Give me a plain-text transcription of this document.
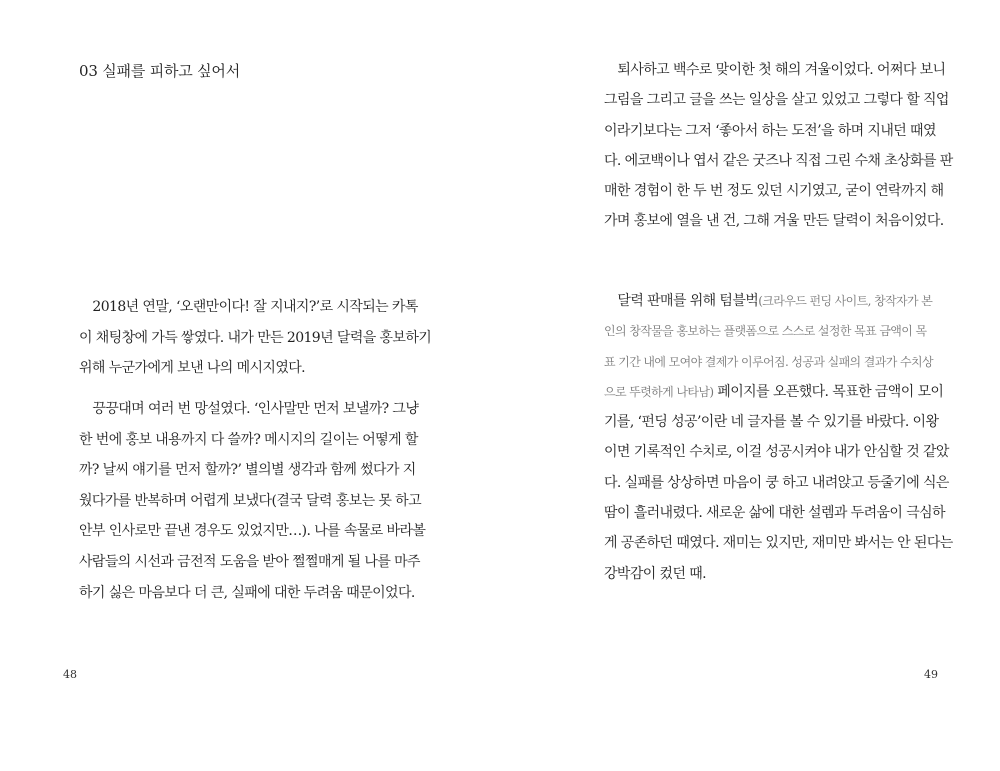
03 실패를 피하고 싶어서
　2018년 연말, ‘오랜만이다! 잘 지내지?’로 시작되는 카톡
이 채팅창에 가득 쌓였다. 내가 만든 2019년 달력을 홍보하기
위해 누군가에게 보낸 나의 메시지였다.
　끙끙대며 여러 번 망설였다. ‘인사말만 먼저 보낼까? 그냥
한 번에 홍보 내용까지 다 쓸까? 메시지의 길이는 어떻게 할
까? 날씨 얘기를 먼저 할까?’ 별의별 생각과 함께 썼다가 지
웠다가를 반복하며 어렵게 보냈다(결국 달력 홍보는 못 하고
안부 인사로만 끝낸 경우도 있었지만…). 나를 속물로 바라볼
사람들의 시선과 금전적 도움을 받아 쩔쩔매게 될 나를 마주
하기 싫은 마음보다 더 큰, 실패에 대한 두려움 때문이었다.
48
　퇴사하고 백수로 맞이한 첫 해의 겨울이었다. 어쩌다 보니
그림을 그리고 글을 쓰는 일상을 살고 있었고 그렇다 할 직업
이라기보다는 그저 ‘좋아서 하는 도전’을 하며 지내던 때였
다. 에코백이나 엽서 같은 굿즈나 직접 그린 수채 초상화를 판
매한 경험이 한 두 번 정도 있던 시기였고, 굳이 연락까지 해
가며 홍보에 열을 낸 건, 그해 겨울 만든 달력이 처음이었다.
　달력 판매를 위해 텀블벅(크라우드 펀딩 사이트, 창작자가 본
인의 창작물을 홍보하는 플랫폼으로 스스로 설정한 목표 금액이 목
표 기간 내에 모여야 결제가 이루어짐. 성공과 실패의 결과가 수치상
으로 뚜렷하게 나타남) 페이지를 오픈했다. 목표한 금액이 모이
기를, ‘펀딩 성공’이란 네 글자를 볼 수 있기를 바랐다. 이왕
이면 기록적인 수치로, 이걸 성공시켜야 내가 안심할 것 같았
다. 실패를 상상하면 마음이 쿵 하고 내려앉고 등줄기에 식은
땀이 흘러내렸다. 새로운 삶에 대한 설렘과 두려움이 극심하
게 공존하던 때였다. 재미는 있지만, 재미만 봐서는 안 된다는
강박감이 컸던 때.
49
